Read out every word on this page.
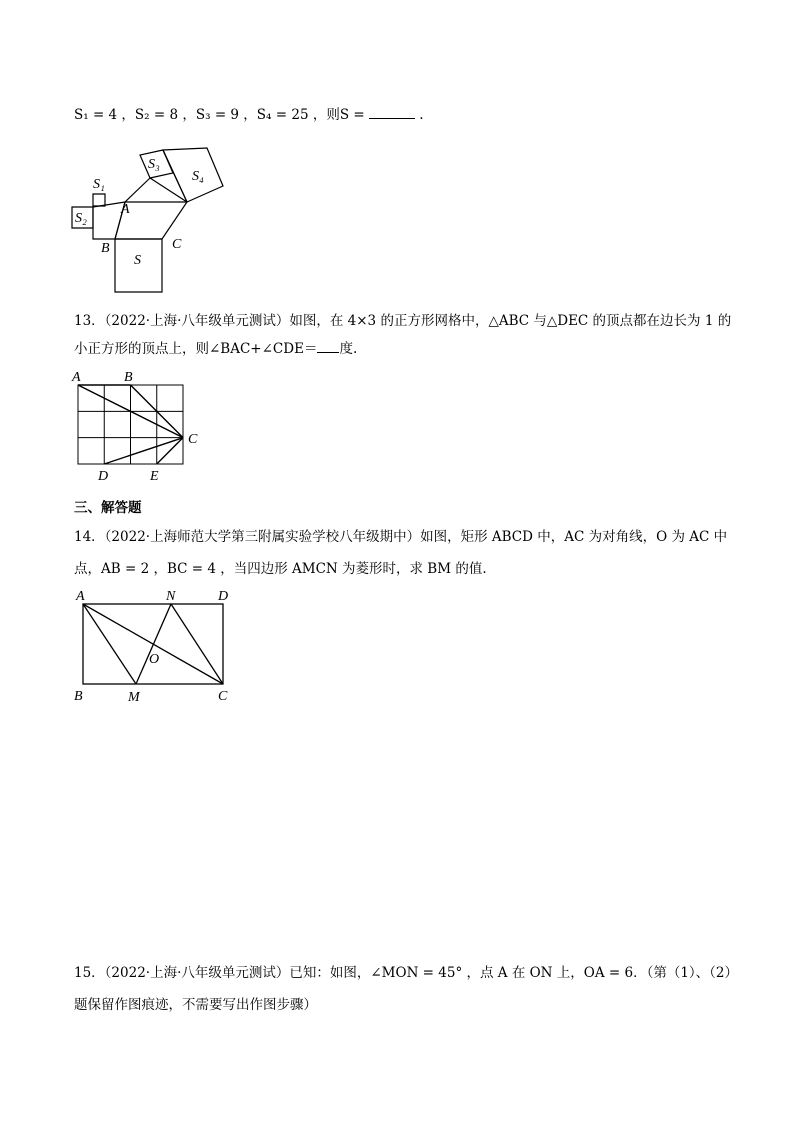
S₁ = 4 ，S₂ = 8 ，S₃ = 9 ，S₄ = 25 ，则S =	.
S₃
S₄
S₁
S₂
A
B	C
S
13．（2022·上海·八年级单元测试）如图，在 4×3 的正方形网格中，△ABC 与△DEC 的顶点都在边长为 1 的
小正方形的顶点上，则∠BAC+∠CDE＝ 度.
A	B
C
D	E
三、解答题
14．（2022·上海师范大学第三附属实验学校八年级期中）如图，矩形 ABCD 中，AC 为对角线，O 为 AC 中
点，AB = 2 ，BC = 4 ，当四边形 AMCN 为菱形时，求 BM 的值.
A	N	D
O
B	M	C
15．（2022·上海·八年级单元测试）已知：如图，∠MON = 45° ，点 A 在 ON 上，OA = 6．（第（1）、（2）
题保留作图痕迹，不需要写出作图步骤）
